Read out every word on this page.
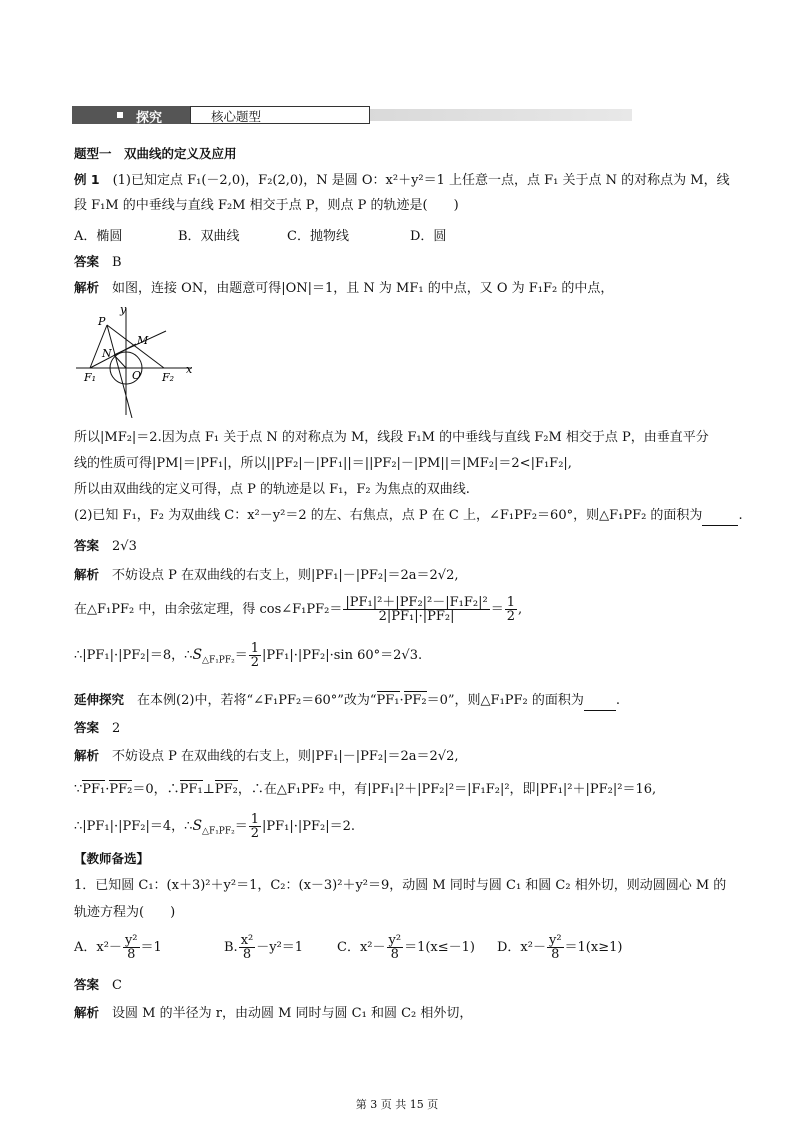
探究	核心题型
题型一　双曲线的定义及应用
例 1　 (1)已知定点 F₁(－2,0)，F₂(2,0)，N 是圆 O：x²＋y²＝1 上任意一点，点 F₁ 关于点 N 的对称点为 M，线
段 F₁M 的中垂线与直线 F₂M 相交于点 P，则点 P 的轨迹是(　　)
A．椭圆	B．双曲线	C．抛物线	D．圆
答案　 B
解析　 如图，连接 ON，由题意可得|ON|＝1，且 N 为 MF₁ 的中点，又 O 为 F₁F₂ 的中点，
P
y
M
N
F₁	O F₂
x
所以|MF₂|＝2.因为点 F₁ 关于点 N 的对称点为 M，线段 F₁M 的中垂线与直线 F₂M 相交于点 P，由垂直平分
线的性质可得|PM|＝|PF₁|，所以||PF₂|－|PF₁||＝||PF₂|－|PM||＝|MF₂|＝2<|F₁F₂|,
所以由双曲线的定义可得，点 P 的轨迹是以 F₁，F₂ 为焦点的双曲线.
(2)已知 F₁，F₂ 为双曲线 C：x²－y²＝2 的左、右焦点，点 P 在 C 上，∠F₁PF₂＝60°，则△F₁PF₂ 的面积为	.
答案　 2√3
解析　 不妨设点 P 在双曲线的右支上，则|PF₁|－|PF₂|＝2a＝2√2,
在△F₁PF₂ 中，由余弦定理，得 cos∠F₁PF₂＝ $\frac{\text{|PF₁|²＋|PF₂|²－|F₁F₂|²}}{\text{2|PF₁|·|PF₂|}} = \frac{1}{2}$ ,
∴|PF₁|·|PF₂|＝8，$\therefore S_{\triangle F_1PF_2}= \frac{1}{2} |PF_1|\cdot|PF_2|\cdot\sin$ 60°＝2√3.
延伸探究　 在本例(2)中，若将“∠F₁PF₂＝60°”改为“PF₁·PF₂＝0”，则△F₁PF₂ 的面积为 .
答案　 2
解析　 不妨设点 P 在双曲线的右支上，则|PF₁|－|PF₂|＝2a＝2√2,
∵PF₁·PF₂＝0，∴PF₁⊥PF₂，∴在△F₁PF₂ 中，有|PF₁|²＋|PF₂|²＝|F₁F₂|²，即|PF₁|²＋|PF₂|²＝16,
∴|PF₁|·|PF₂|＝4，$\therefore S_{\triangle F_1PF_2}= \frac{1}{2} |PF_1|\cdot|PF_2|=2$.
【教师备选】
1．已知圆 C₁：(x＋3)²＋y²＝1，C₂：(x－3)²＋y²＝9，动圆 M 同时与圆 C₁ 和圆 C₂ 相外切，则动圆圆心 M 的
轨迹方程为(　　)
A．$x^2- \frac{\text{y²}}{8} =1$	B. $\frac{\text{x²}}{8} -y^2=1$	C．$x^2- \frac{\text{y²}}{8} =1(x\le-1)$ D．$x^2- \frac{\text{y²}}{8} =1(x\ge 1)$
答案　 C
解析　 设圆 M 的半径为 r，由动圆 M 同时与圆 C₁ 和圆 C₂ 相外切，
第 3 页 共 15 页
